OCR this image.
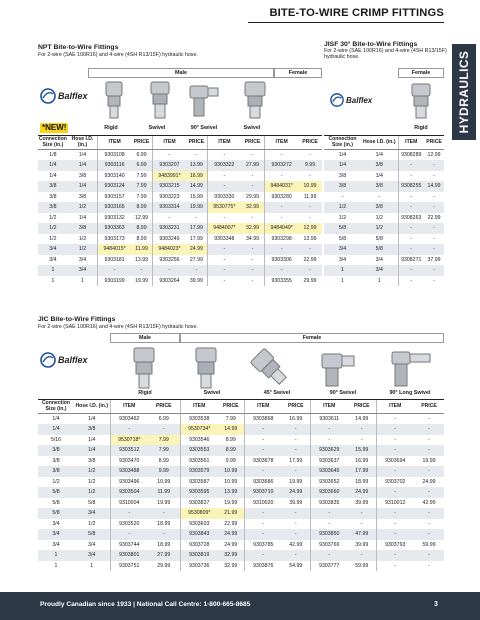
BITE-TO-WIRE CRIMP FITTINGS
HYDRAULICS
NPT Bite-to-Wire Fittings
For 2-wire (SAE 100R16) and 4-wire (4SH R13/15F) hydraulic hose.
Male	Female
Balflex
*NEW!	Rigid	Swivel	90° Swivel	Swivel
JISF 30° Bite-to-Wire Fittings
For 2-wire (SAE 100R16) and 4-wire (4SH R13/15F) hydraulic hose.
Female
Balflex
Rigid
Connection Size (in.)	Hose I.D. (in.)	ITEM	PRICE	ITEM	PRICE	ITEM	PRICE	ITEM	PRICE
1/8	1/4	9303108	6.99	-	-	-	-	-	-
1/4	1/4	9303116	6.99	9303207	13.99	9303322	27.99	9303272	9.99
1/4	3/8	9303140	7.99	9483991*	16.99	-	-	-	-
3/8	1/4	9303124	7.99	9303215	14.99	-	-	9484031*	10.99
3/8	3/8	9303157	7.99	9303223	15.99	9303330	29.99	9303280	11.99
3/8	1/2	9303165	8.99	9303314	19.99	9530775*	32.99	-	-
1/2	1/4	9303132	12.99	-	-	-	-	-	-
1/2	3/8	9303363	8.99	9303231	17.99	9484007*	32.99	9484049*	12.99
1/2	1/2	9303173	8.99	9303249	17.99	9303348	34.99	9303298	13.99
3/4	1/2	9484015*	11.99	9484023*	24.99	-	-	-	-
3/4	3/4	9303181	13.99	9303256	27.99	-	-	9303306	22.99
1	3/4	-	-	-	-	-	-	-	-
1	1	9303199	19.99	9303264	39.99	-	-	9303355	29.99
Connection Size (in.)	Hose I.D. (in.)	ITEM	PRICE
1/4	1/4	9308289	12.99
1/4	3/8	-	-
3/8	1/4	-	-
3/8	3/8	9308255	14.99
-	-	-	-
1/2	3/8	-	-
1/2	1/2	9308263	22.99
5/8	1/2	-	-
5/8	5/8	-	-
3/4	5/8	-	-
3/4	3/4	9308271	37.99
1	3/4	-	-
1	1	-	-
JIC Bite-to-Wire Fittings
For 2-wire (SAE 100R16) and 4-wire (4SH R13/15F) hydraulic hose.
Male	Female
Balflex
Rigid	Swivel	45° Swivel	90° Swivel	90° Long Swivel
Connection Size (in.)	Hose I.D. (in.)	ITEM	PRICE	ITEM	PRICE	ITEM	PRICE	ITEM	PRICE	ITEM	PRICE
1/4	1/4	9303462	6.99	9303538	7.99	9303868	16.99	9303611	14.99	-	-
1/4	3/8	-	-	9530734*	14.99	-	-	-	-	-	-
5/16	1/4	9530718*	7.99	9303546	8.99	-	-	-	-	-	-
3/8	1/4	9303512	7.99	9303553	8.99	-	-	9303629	15.99	-	-
3/8	3/8	9303470	8.99	9303561	9.99	9303678	17.99	9303637	16.99	9303694	19.99
3/8	1/2	9303488	9.99	9303579	10.99	-	-	9303645	17.99	-	-
1/2	1/2	9303496	10.99	9303587	10.99	9303686	19.99	9303652	18.99	9303702	24.99
5/8	1/2	9303504	11.99	9303595	13.99	9303710	24.99	9303660	24.99	-	-
5/8	5/8	9310004	19.99	9303827	19.99	9310020	39.99	9303835	39.99	9310012	42.99
5/8	3/4	-	-	9530809*	21.99	-	-	-	-	-	-
3/4	1/2	9303520	18.99	9303603	22.99	-	-	-	-	-	-
3/4	5/8	-	-	9303843	24.99	-	-	9303850	47.99	-	-
3/4	3/4	9303744	18.99	9303728	24.99	9303785	42.99	9303769	39.99	9303793	59.99
1	3/4	9303801	27.99	9303819	32.99	-	-	-	-	-	-
1	1	9303751	29.99	9303736	32.99	9303876	54.99	9303777	59.99	-	-
Proudly Canadian since 1933 | National Call Centre: 1-800-665-8685	3
